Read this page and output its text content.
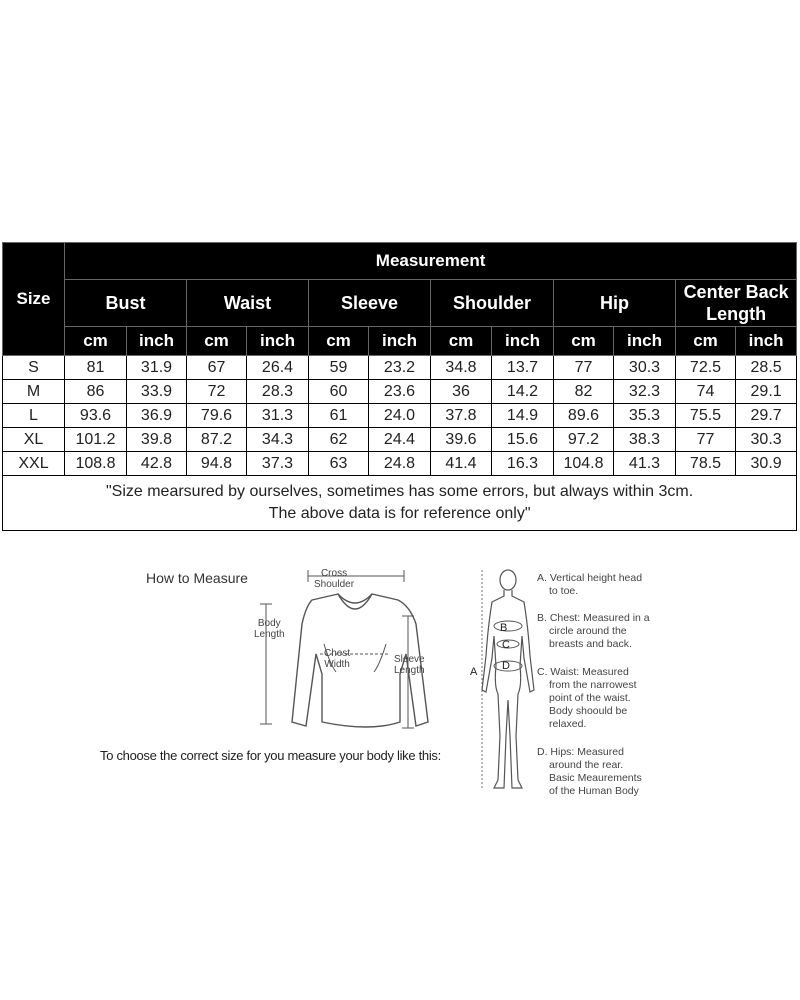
Size	Measurement											
	Bust		Waist		Sleeve		Shoulder		Hip		Center Back Length	
	cm	inch	cm	inch	cm	inch	cm	inch	cm	inch	cm	inch
S	81	31.9	67	26.4	59	23.2	34.8	13.7	77	30.3	72.5	28.5
M	86	33.9	72	28.3	60	23.6	36	14.2	82	32.3	74	29.1
L	93.6	36.9	79.6	31.3	61	24.0	37.8	14.9	89.6	35.3	75.5	29.7
XL	101.2	39.8	87.2	34.3	62	24.4	39.6	15.6	97.2	38.3	77	30.3
XXL	108.8	42.8	94.8	37.3	63	24.8	41.4	16.3	104.8	41.3	78.5	30.9

"Size mearsured by ourselves, sometimes has some errors, but always within 3cm.
The above data is for reference only"												
How to Measure
To choose the correct size for you measure your body like this:
Cross
Shoulder
Body
Length
Chest
Width	Sleeve
Length
B
C
D
A
A. Vertical height head
to toe.
B. Chest: Measured in a
circle around the
breasts and back.
C. Waist: Measured
from the narrowest
point of the waist.
Body shoould be
relaxed.
D. Hips: Measured
around the rear.
Basic Meaurements
of the Human Body
